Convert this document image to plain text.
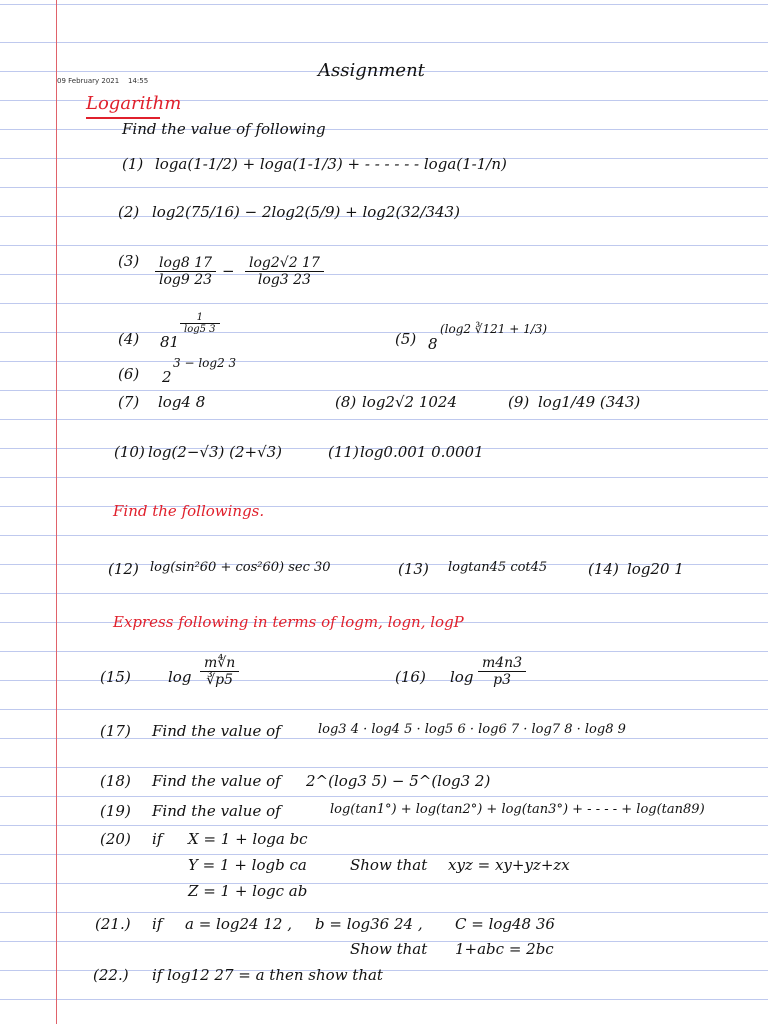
09 February 2021 14:55	Assignment
Logarithm
Find the value of following
(1) loga(1-1/2) + loga(1-1/3) + - - - - - - loga(1-1/n)
(2) log2(75/16) − 2log2(5/9) + log2(32/343)
$(3) \frac{\log 8 17}{\log 9 23} - \frac{\log 2√2 17}{\log 3 23}$
(4) 81
$\frac{1}{\log 5 3}$
(5) 8
(log2 ∛121 + 1/3)
(6) 2
3 − log2 3
(7) log4 8	(8) log2√2 1024	(9) log1/49 (343)
(10) log(2−√3) (2+√3)	(11) log0.001 0.0001
Find the followings.
(12) log(sin²60 + cos²60) sec 30	(13) logtan45 cot45	(14) log20 1
Express following in terms of logm, logn, logP
(15) $\log \frac{m∜n}{∛p5}$	(16) $\log \frac{m4n3}{p3}$
(17) Find the value of	log3 4 · log4 5 · log5 6 · log6 7 · log7 8 · log8 9
(18) Find the value of 2^(log3 5) − 5^(log3 2)
(19) Find the value of	log(tan1°) + log(tan2°) + log(tan3°) + - - - - + log(tan89)
(20) if X = 1 + loga bc
Y = 1 + logb ca
Z = 1 + logc ab
Show that xyz = xy+yz+zx
(21.) if a = log24 12 , b = log36 24 , C = log48 36
Show that 1+abc = 2bc
(22.) if log12 27 = a then show that
